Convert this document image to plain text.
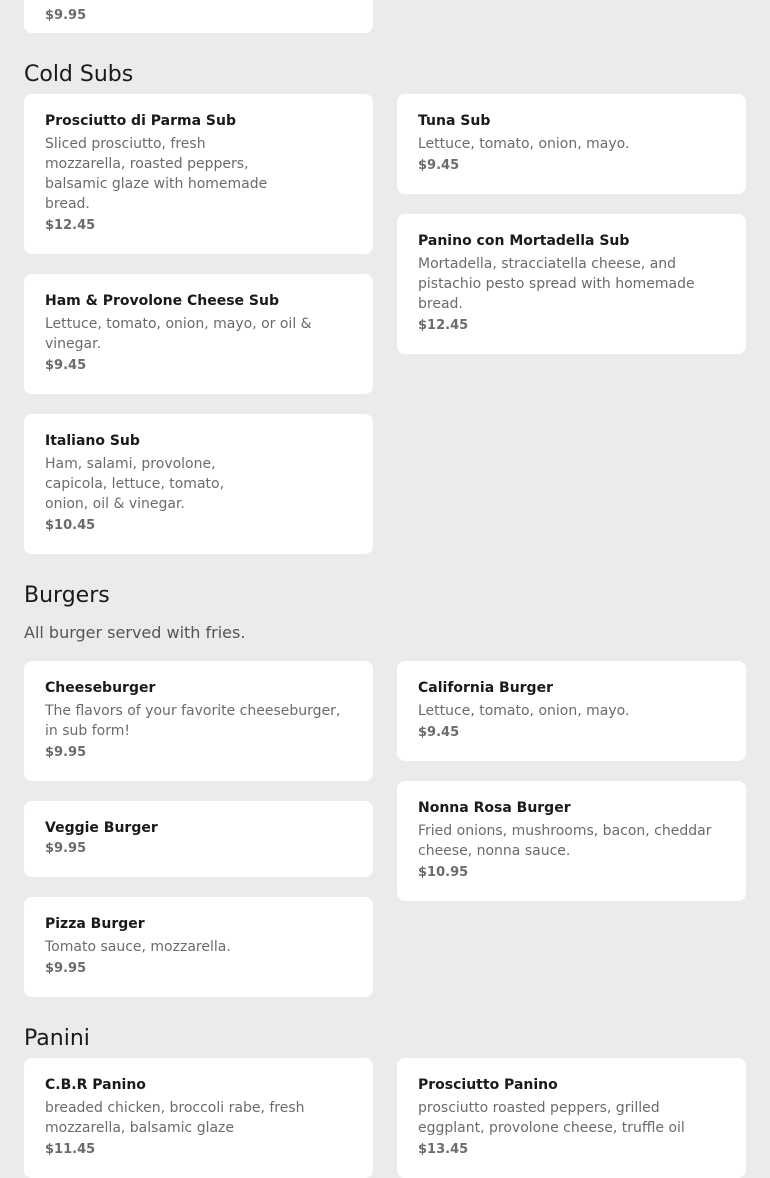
$9.95
Cold Subs
Prosciutto di Parma Sub
Sliced prosciutto, fresh mozzarella, roasted peppers, balsamic glaze with homemade bread.
$12.45
Tuna Sub
Lettuce, tomato, onion, mayo.
$9.45
Ham & Provolone Cheese Sub
Lettuce, tomato, onion, mayo, or oil & vinegar.
$9.45
Panino con Mortadella Sub
Mortadella, stracciatella cheese, and pistachio pesto spread with homemade bread.
$12.45
Italiano Sub
Ham, salami, provolone, capicola, lettuce, tomato, onion, oil & vinegar.
$10.45
Burgers

All burger served with fries.

Cheeseburger
The flavors of your favorite cheeseburger, in sub form!
$9.95
California Burger
Lettuce, tomato, onion, mayo.
$9.45
Veggie Burger
$9.95
Nonna Rosa Burger
Fried onions, mushrooms, bacon, cheddar cheese, nonna sauce.
$10.95
Pizza Burger
Tomato sauce, mozzarella.
$9.95
Panini
C.B.R Panino
breaded chicken, broccoli rabe, fresh mozzarella, balsamic glaze
$11.45
Prosciutto Panino
prosciutto roasted peppers, grilled eggplant, provolone cheese, truffle oil
$13.45
